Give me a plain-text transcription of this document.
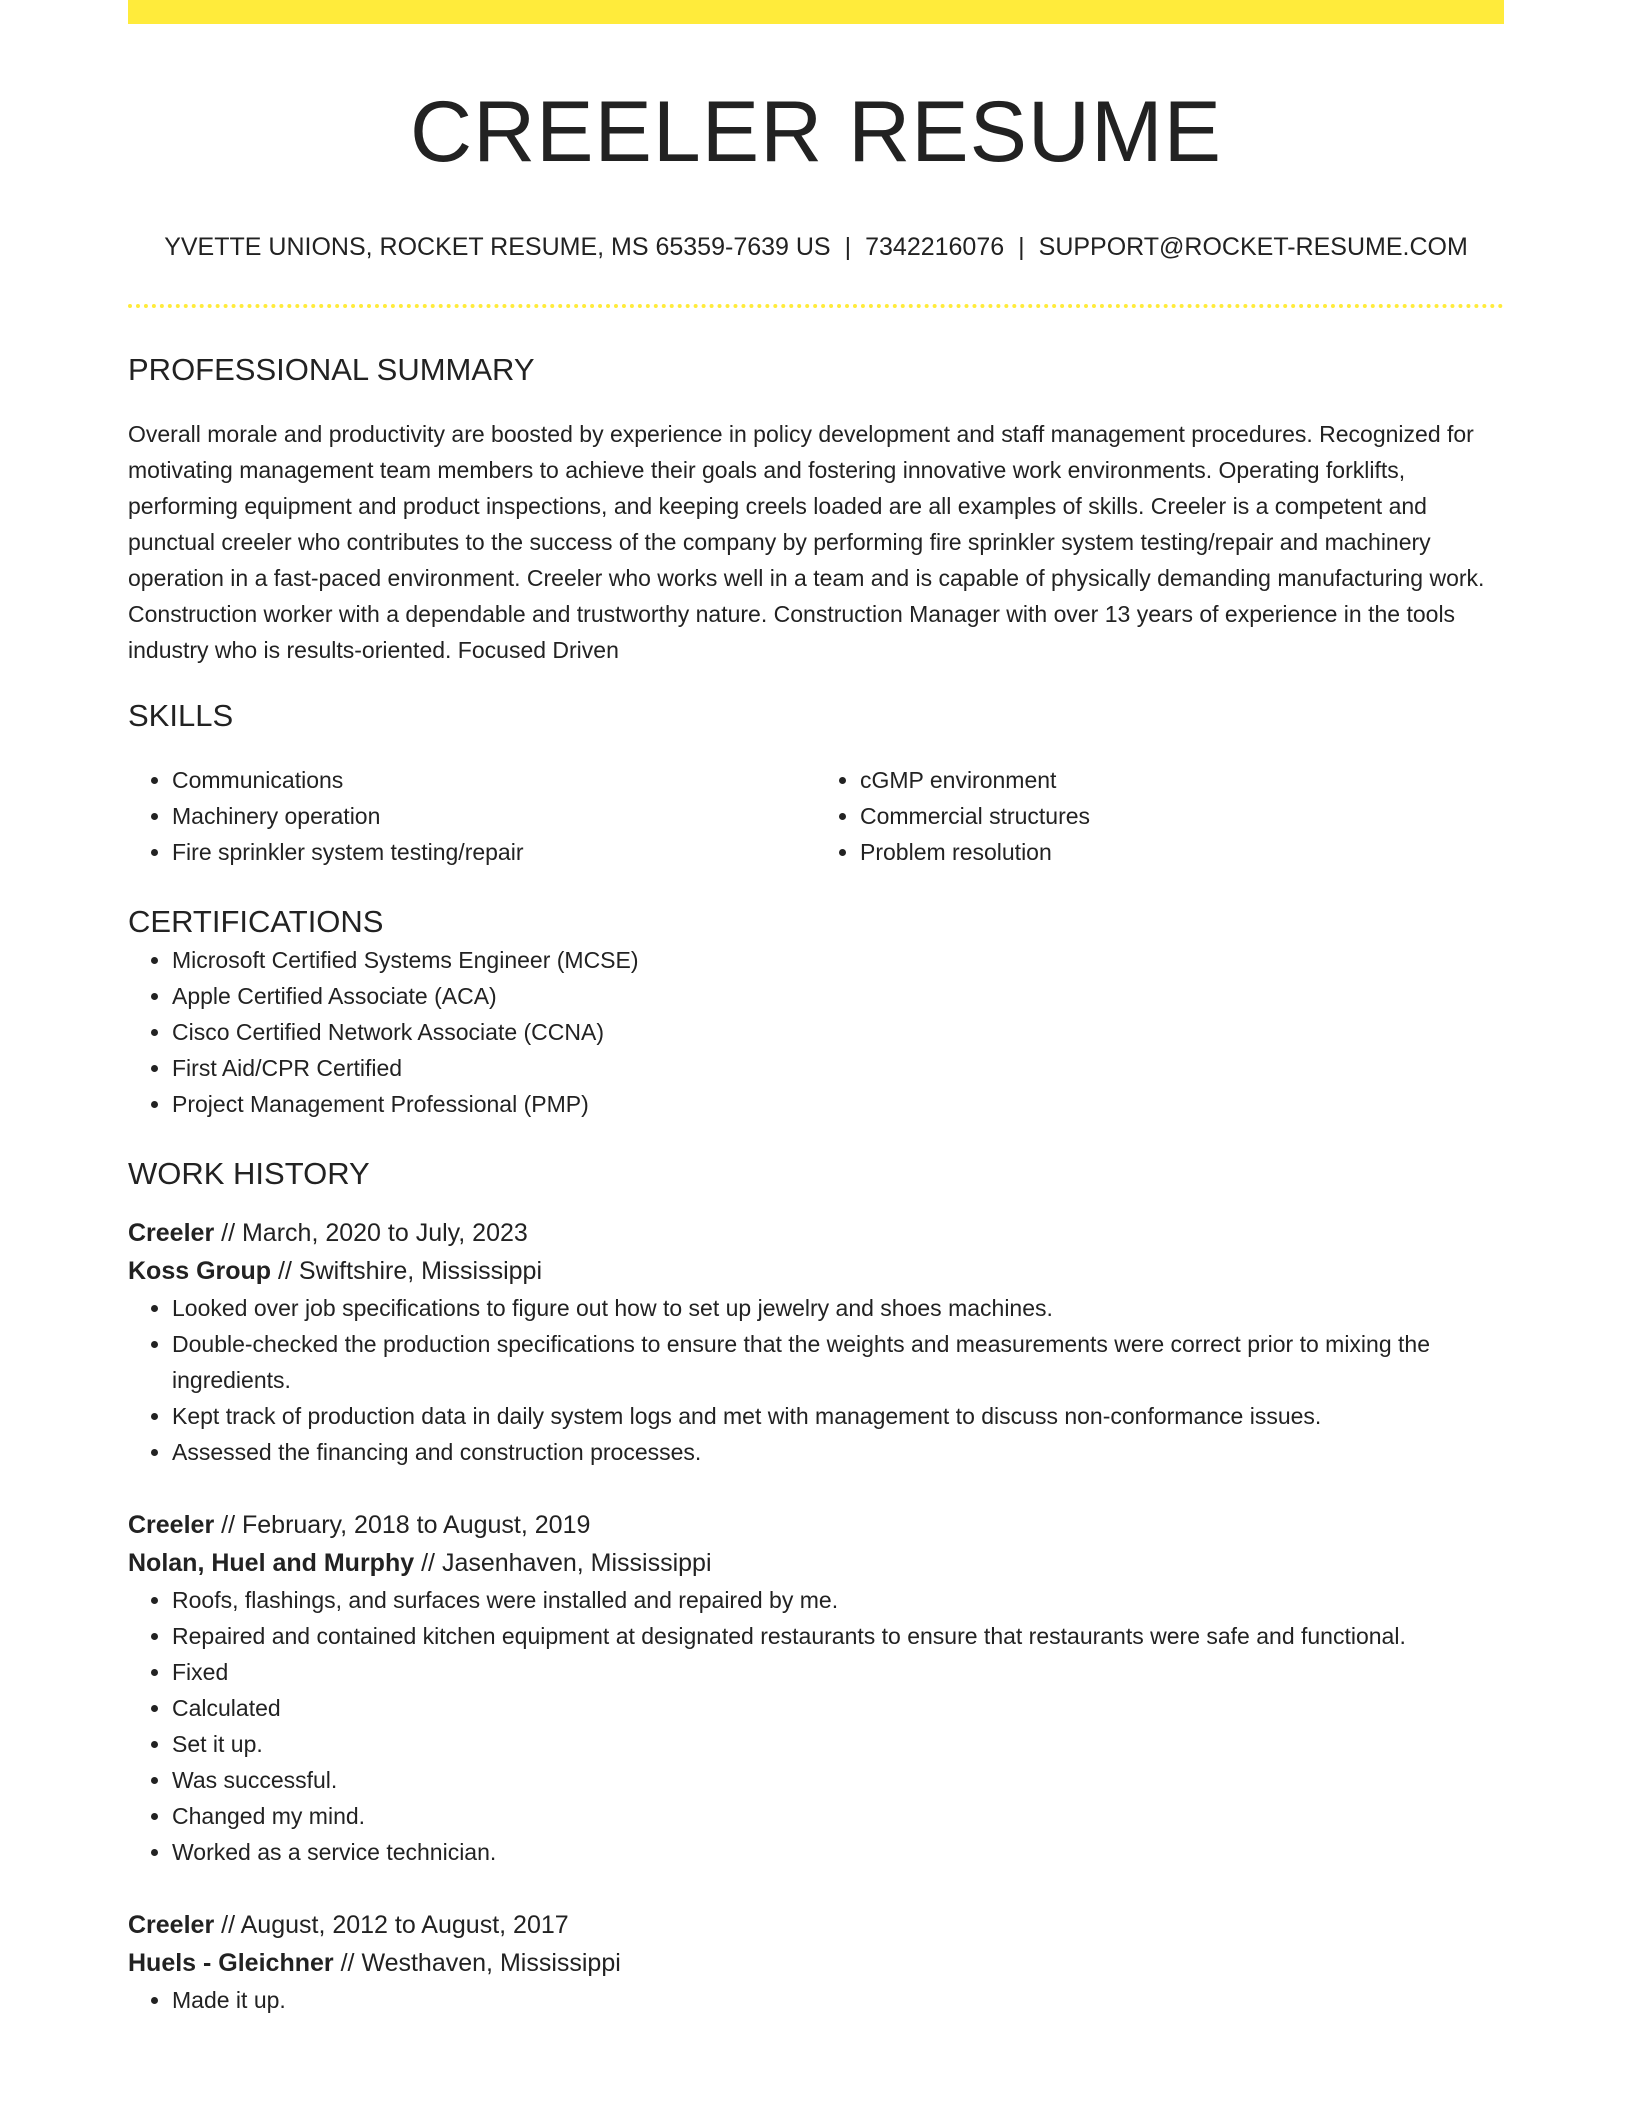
CREELER RESUME
YVETTE UNIONS, ROCKET RESUME, MS 65359-7639 US | 7342216076 | SUPPORT@ROCKET-RESUME.COM
PROFESSIONAL SUMMARY

Overall morale and productivity are boosted by experience in policy development and staff management procedures. Recognized for motivating management team members to achieve their goals and fostering innovative work environments. Operating forklifts, performing equipment and product inspections, and keeping creels loaded are all examples of skills. Creeler is a competent and punctual creeler who contributes to the success of the company by performing fire sprinkler system testing/repair and machinery operation in a fast-paced environment. Creeler who works well in a team and is capable of physically demanding manufacturing work. Construction worker with a dependable and trustworthy nature. Construction Manager with over 13 years of experience in the tools industry who is results-oriented. Focused Driven

SKILLS
• Communications
• Machinery operation
• Fire sprinkler system testing/repair
• cGMP environment
• Commercial structures
• Problem resolution
CERTIFICATIONS
• Microsoft Certified Systems Engineer (MCSE)
• Apple Certified Associate (ACA)
• Cisco Certified Network Associate (CCNA)
• First Aid/CPR Certified
• Project Management Professional (PMP)
WORK HISTORY
Creeler // March, 2020 to July, 2023
Koss Group // Swiftshire, Mississippi
• Looked over job specifications to figure out how to set up jewelry and shoes machines.
• Double-checked the production specifications to ensure that the weights and measurements were correct prior to mixing the ingredients.
• Kept track of production data in daily system logs and met with management to discuss non-conformance issues.
• Assessed the financing and construction processes.
Creeler // February, 2018 to August, 2019
Nolan, Huel and Murphy // Jasenhaven, Mississippi
• Roofs, flashings, and surfaces were installed and repaired by me.
• Repaired and contained kitchen equipment at designated restaurants to ensure that restaurants were safe and functional.
• Fixed
• Calculated
• Set it up.
• Was successful.
• Changed my mind.
• Worked as a service technician.
Creeler // August, 2012 to August, 2017
Huels - Gleichner // Westhaven, Mississippi
• Made it up.
